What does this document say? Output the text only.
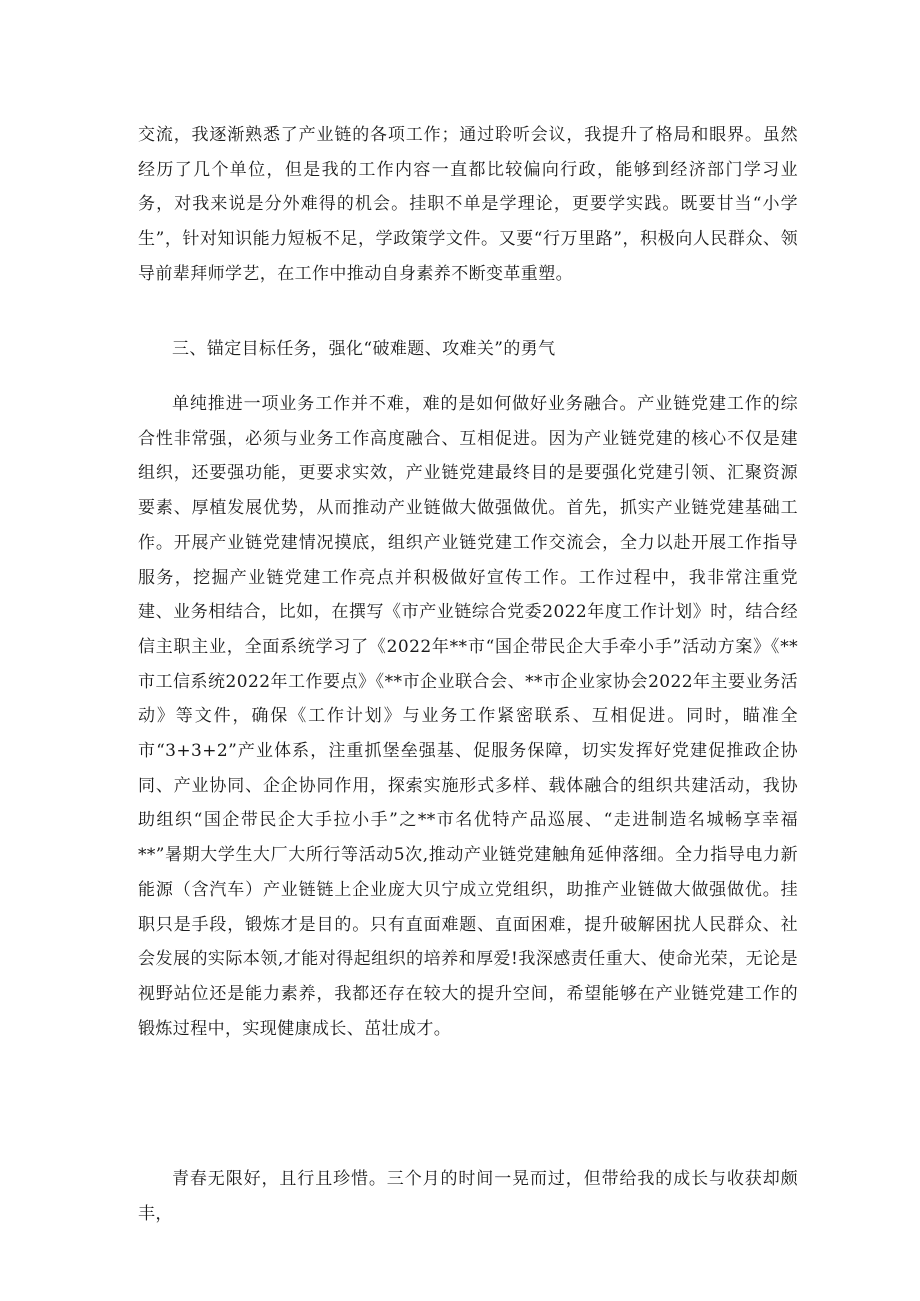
交流，我逐渐熟悉了产业链的各项工作；通过聆听会议，我提升了格局和眼界。虽然经历了几个单位，但是我的工作内容一直都比较偏向行政，能够到经济部门学习业务，对我来说是分外难得的机会。挂职不单是学理论，更要学实践。既要甘当“小学生”，针对知识能力短板不足，学政策学文件。又要“行万里路”，积极向人民群众、领导前辈拜师学艺，在工作中推动自身素养不断变革重塑。

三、锚定目标任务，强化“破难题、攻难关”的勇气

单纯推进一项业务工作并不难，难的是如何做好业务融合。产业链党建工作的综合性非常强，必须与业务工作高度融合、互相促进。因为产业链党建的核心不仅是建组织，还要强功能，更要求实效，产业链党建最终目的是要强化党建引领、汇聚资源要素、厚植发展优势，从而推动产业链做大做强做优。首先，抓实产业链党建基础工作。开展产业链党建情况摸底，组织产业链党建工作交流会，全力以赴开展工作指导服务，挖掘产业链党建工作亮点并积极做好宣传工作。工作过程中，我非常注重党建、业务相结合，比如，在撰写《市产业链综合党委2022年度工作计划》时，结合经信主职主业，全面系统学习了《2022年**市“国企带民企大手牵小手”活动方案》《**市工信系统2022年工作要点》《**市企业联合会、**市企业家协会2022年主要业务活动》等文件，确保《工作计划》与业务工作紧密联系、互相促进。同时，瞄准全市“3+3+2”产业体系，注重抓堡垒强基、促服务保障，切实发挥好党建促推政企协同、产业协同、企企协同作用，探索实施形式多样、载体融合的组织共建活动，我协助组织“国企带民企大手拉小手”之**市名优特产品巡展、“走进制造名城畅享幸福**”暑期大学生大厂大所行等活动5次,推动产业链党建触角延伸落细。全力指导电力新能源（含汽车）产业链链上企业庞大贝宁成立党组织，助推产业链做大做强做优。挂职只是手段，锻炼才是目的。只有直面难题、直面困难，提升破解困扰人民群众、社会发展的实际本领,才能对得起组织的培养和厚爱!我深感责任重大、使命光荣，无论是视野站位还是能力素养，我都还存在较大的提升空间，希望能够在产业链党建工作的锻炼过程中，实现健康成长、茁壮成才。

青春无限好，且行且珍惜。三个月的时间一晃而过，但带给我的成长与收获却颇丰，
